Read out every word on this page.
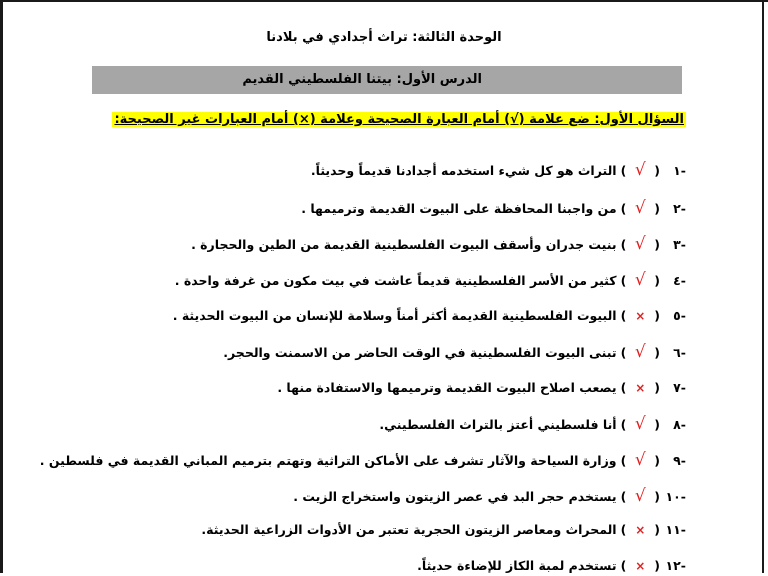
الوحدة الثالثة: تراث أجدادي في بلادنا
الدرس الأول: بيتنا الفلسطيني القديم
السؤال الأول: ضع علامة (√) أمام العبارة الصحيحة وعلامة (×) أمام العبارات غير الصحيحة:
-١(√)التراث هو كل شيء استخدمه أجدادنا قديماً وحديثاً.
-٢(√)من واجبنا المحافظة على البيوت القديمة وترميمها .
-٣(√)بنيت جدران وأسقف البيوت الفلسطينية القديمة من الطين والحجارة .
-٤(√)كثير من الأسر الفلسطينية قديماً عاشت في بيت مكون من غرفة واحدة .
-٥(×)البيوت الفلسطينية القديمة أكثر أمناً وسلامة للإنسان من البيوت الحديثة .
-٦(√)تبنى البيوت الفلسطينية في الوقت الحاضر من الاسمنت والحجر.
-٧(×)يصعب اصلاح البيوت القديمة وترميمها والاستفادة منها .
-٨(√)أنا فلسطيني أعتز بالتراث الفلسطيني.
-٩(√)وزارة السياحة والآثار تشرف على الأماكن التراثية وتهتم بترميم المباني القديمة في فلسطين .
-١٠(√)يستخدم حجر البد في عصر الزيتون واستخراج الزيت .
-١١(×)المحراث ومعاصر الزيتون الحجرية تعتبر من الأدوات الزراعية الحديثة.
-١٢(×)تستخدم لمبة الكاز للإضاءة حديثاً.
